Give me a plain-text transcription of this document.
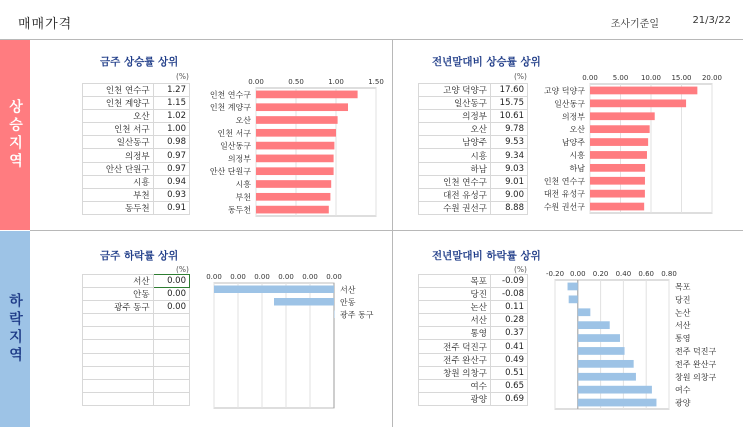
매매가격	조사기준일	21/3/22
상승지역
하락지역
금주 상승률 상위
(%)
인천 연수구	1.27
인천 계양구	1.15
오산	1.02
인천 서구	1.00
일산동구	0.98
의정부	0.97
안산 단원구	0.97
시흥	0.94
부천	0.93
동두천	0.91
0.00	0.50	1.00	1.50
인천 연수구
인천 계양구
오산
인천 서구
일산동구
의정부
안산 단원구
시흥
부천
동두천
전년말대비 상승률 상위
(%)
고양 덕양구	17.60
일산동구	15.75
의정부	10.61
오산	9.78
남양주	9.53
시흥	9.34
하남	9.03
인천 연수구	9.01
대전 유성구	9.00
수원 권선구	8.88
0.00 5.00 10.00 15.00 20.00
고양 덕양구
일산동구
의정부
오산
남양주
시흥
하남
인천 연수구
대전 유성구
수원 권선구
금주 하락률 상위
(%)
서산	0.00
안동	0.00
광주 동구	0.00

0.00 0.00 0.00 0.00 0.00 0.00
서산
안동
광주 동구
전년말대비 하락률 상위
(%)
목포	-0.09
당진	-0.08
논산	0.11
서산	0.28
통영	0.37
전주 덕진구	0.41
전주 완산구	0.49
창원 의창구	0.51
여수	0.65
광양	0.69
-0.20 0.00 0.20 0.40 0.60 0.80
목포
당진
논산
서산
통영
전주 덕진구
전주 완산구
창원 의창구
여수
광양
